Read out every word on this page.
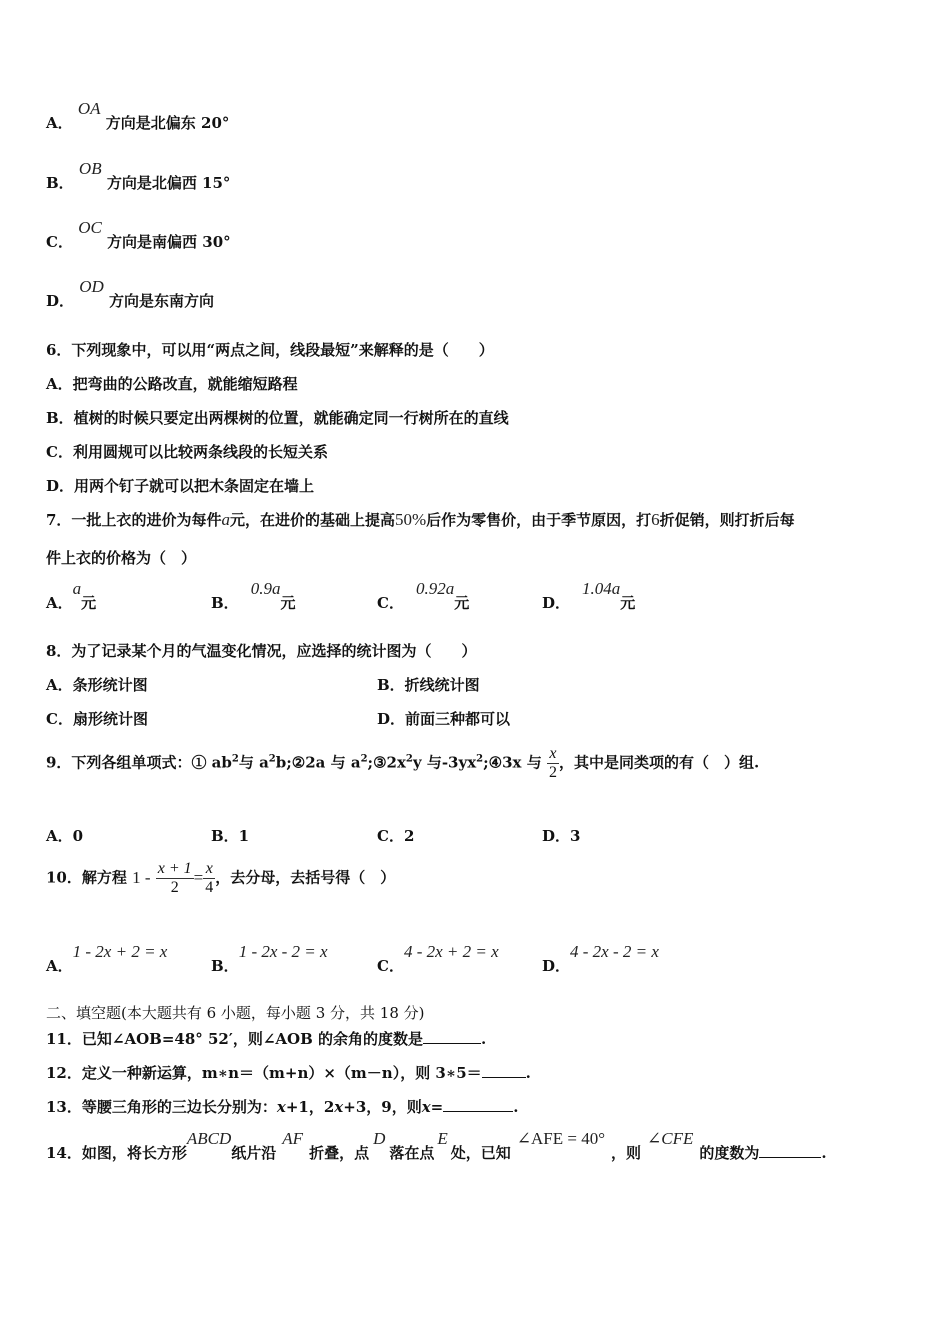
A． OA 方向是北偏东 20°
B． OB 方向是北偏西 15°
C． OC 方向是南偏西 30°
D． OD 方向是东南方向
6．下列现象中，可以用“两点之间，线段最短”来解释的是（　　）
A．把弯曲的公路改直，就能缩短路程
B．植树的时候只要定出两棵树的位置，就能确定同一行树所在的直线
C．利用圆规可以比较两条线段的长短关系
D．用两个钉子就可以把木条固定在墙上
7．一批上衣的进价为每件a元，在进价的基础上提高50%后作为零售价，由于季节原因，打6折促销，则打折后每
件上衣的价格为（　）
A．a元	B．0.9a元	C．0.92a元	D．1.04a元
8．为了记录某个月的气温变化情况，应选择的统计图为（　　）
A．条形统计图	B．折线统计图
C．扇形统计图	D．前面三种都可以
9．下列各组单项式：① $ab^2$与 $a^2b;②2a$ 与 $a^2;③2x^2y$ 与$-3yx^2;④3x$ 与 $\frac{x}{2}$ ，其中是同类项的有（　）组.
A．0	B．1	C．2	D．3
10．解方程 $1 - \frac{x + 1}{2} = \frac{x}{4}$ ，去分母，去括号得（　）
A．1 - 2x + 2 = x
B．1 - 2x - 2 = x
C．4 - 2x + 2 = x
D．4 - 2x - 2 = x
二、填空题(本大题共有 6 小题，每小题 3 分，共 18 分)
11．已知∠AOB=48° 52′，则∠AOB 的余角的度数是	.
12．定义一种新运算，m∗n＝（m+n）×（m－n），则 3∗5＝	.
13．等腰三角形的三边长分别为：x+1，2x+3，9，则x=	.
14．如图，将长方形ABCD纸片沿AF折叠，点D落在点E处，已知∠AFE = 40°，则∠CFE的度数为	.
